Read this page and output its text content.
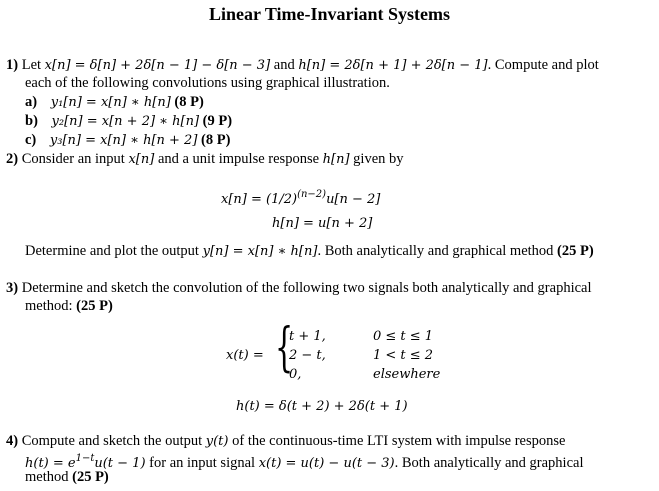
Linear Time-Invariant Systems
1) Let x[n] = δ[n] + 2δ[n − 1] − δ[n − 3] and h[n] = 2δ[n + 1] + 2δ[n − 1]. Compute and plot
each of the following convolutions using graphical illustration.
a) y₁[n] = x[n] ∗ h[n] (8 P)
b) y₂[n] = x[n + 2] ∗ h[n] (9 P)
c) y₃[n] = x[n] ∗ h[n + 2] (8 P)
2) Consider an input x[n] and a unit impulse response h[n] given by
$x[n] = (1/2)^{(n-2)}u[n - 2]$
h[n] = u[n + 2]
Determine and plot the output y[n] = x[n] ∗ h[n]. Both analytically and graphical method (25 P)
3) Determine and sketch the convolution of the following two signals both analytically and graphical
method: (25 P)
x(t) = {
t + 1,	0 ≤ t ≤ 1
2 − t,	1 < t ≤ 2
0,	elsewhere
h(t) = δ(t + 2) + 2δ(t + 1)
4) Compute and sketch the output y(t) of the continuous-time LTI system with impulse response
$h(t) = e^{1-t}u(t - 1)$ for an input signal x(t) = u(t) − u(t − 3). Both analytically and graphical
method (25 P)
